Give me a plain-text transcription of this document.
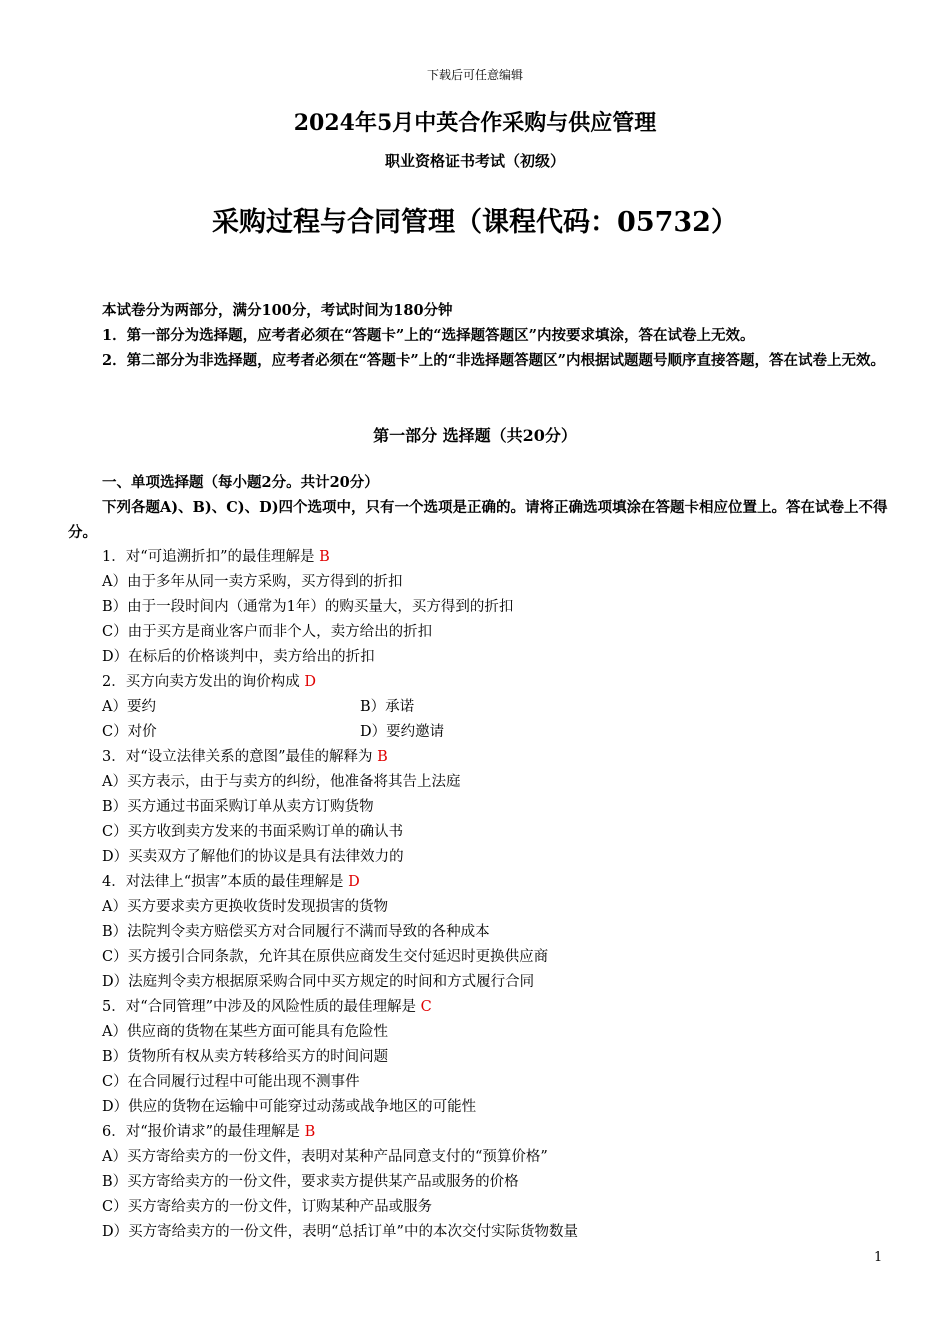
下载后可任意编辑
2024年5月中英合作采购与供应管理
职业资格证书考试（初级）
采购过程与合同管理（课程代码：05732）

本试卷分为两部分，满分100分，考试时间为180分钟

1．第一部分为选择题，应考者必须在“答题卡”上的“选择题答题区”内按要求填涂，答在试卷上无效。

2．第二部分为非选择题，应考者必须在“答题卡”上的“非选择题答题区”内根据试题题号顺序直接答题，答在试卷上无效。

第一部分 选择题（共20分）

一、单项选择题（每小题2分。共计20分）

下列各题A)、B)、C)、D)四个选项中，只有一个选项是正确的。请将正确选项填涂在答题卡相应位置上。答在试卷上不得分。

1．对“可追溯折扣”的最佳理解是 B

A）由于多年从同一卖方采购，买方得到的折扣

B）由于一段时间内（通常为1年）的购买量大，买方得到的折扣

C）由于买方是商业客户而非个人，卖方给出的折扣

D）在标后的价格谈判中，卖方给出的折扣

2．买方向卖方发出的询价构成 D

A）要约	B）承诺

C）对价	D）要约邀请

3．对“设立法律关系的意图”最佳的解释为 B

A）买方表示，由于与卖方的纠纷，他准备将其告上法庭

B）买方通过书面采购订单从卖方订购货物

C）买方收到卖方发来的书面采购订单的确认书

D）买卖双方了解他们的协议是具有法律效力的

4．对法律上“损害”本质的最佳理解是 D

A）买方要求卖方更换收货时发现损害的货物

B）法院判令卖方赔偿买方对合同履行不满而导致的各种成本

C）买方援引合同条款，允许其在原供应商发生交付延迟时更换供应商

D）法庭判令卖方根据原采购合同中买方规定的时间和方式履行合同

5．对“合同管理”中涉及的风险性质的最佳理解是 C

A）供应商的货物在某些方面可能具有危险性

B）货物所有权从卖方转移给买方的时间问题

C）在合同履行过程中可能出现不测事件

D）供应的货物在运输中可能穿过动荡或战争地区的可能性

6．对“报价请求”的最佳理解是 B

A）买方寄给卖方的一份文件，表明对某种产品同意支付的“预算价格”

B）买方寄给卖方的一份文件，要求卖方提供某产品或服务的价格

C）买方寄给卖方的一份文件，订购某种产品或服务

D）买方寄给卖方的一份文件，表明“总括订单”中的本次交付实际货物数量

1
